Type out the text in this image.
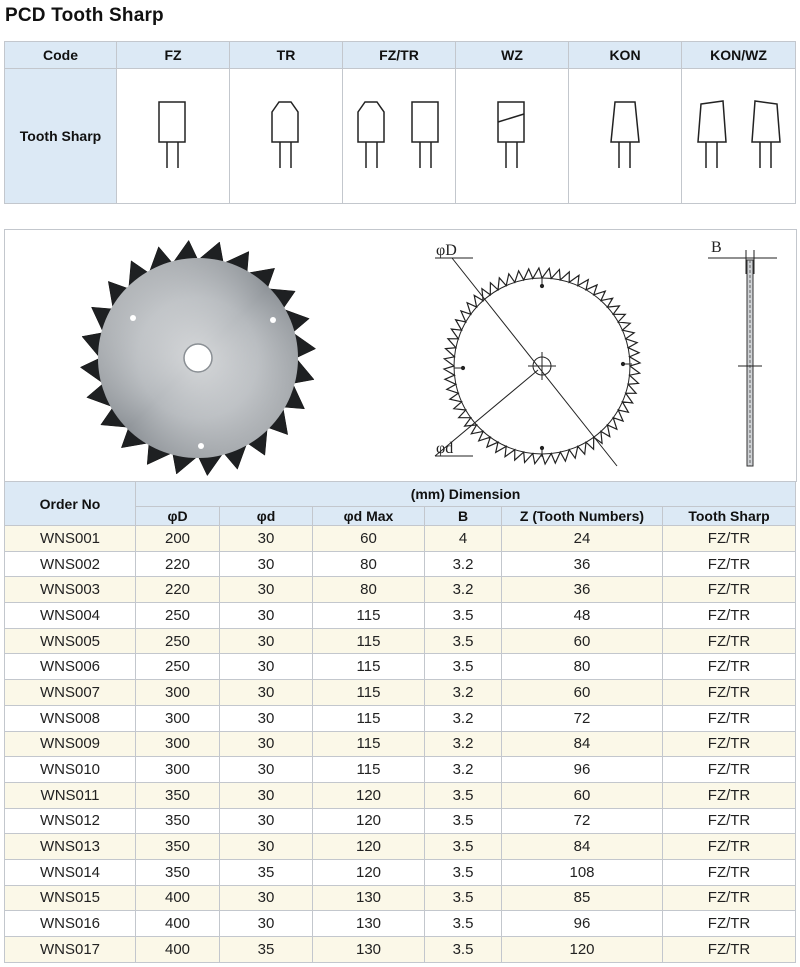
PCD Tooth Sharp
Code	FZ	TR	FZ/TR	WZ	KON	KON/WZ
Tooth Sharp	

φD
φd
B
Order No	(mm) Dimension					
	φD	φd	φd Max	B	Z (Tooth Numbers)	Tooth Sharp
WNS001	200	30	60	4	24	FZ/TR
WNS002	220	30	80	3.2	36	FZ/TR
WNS003	220	30	80	3.2	36	FZ/TR
WNS004	250	30	115	3.5	48	FZ/TR
WNS005	250	30	115	3.5	60	FZ/TR
WNS006	250	30	115	3.5	80	FZ/TR
WNS007	300	30	115	3.2	60	FZ/TR
WNS008	300	30	115	3.2	72	FZ/TR
WNS009	300	30	115	3.2	84	FZ/TR
WNS010	300	30	115	3.2	96	FZ/TR
WNS011	350	30	120	3.5	60	FZ/TR
WNS012	350	30	120	3.5	72	FZ/TR
WNS013	350	30	120	3.5	84	FZ/TR
WNS014	350	35	120	3.5	108	FZ/TR
WNS015	400	30	130	3.5	85	FZ/TR
WNS016	400	30	130	3.5	96	FZ/TR
WNS017	400	35	130	3.5	120	FZ/TR
